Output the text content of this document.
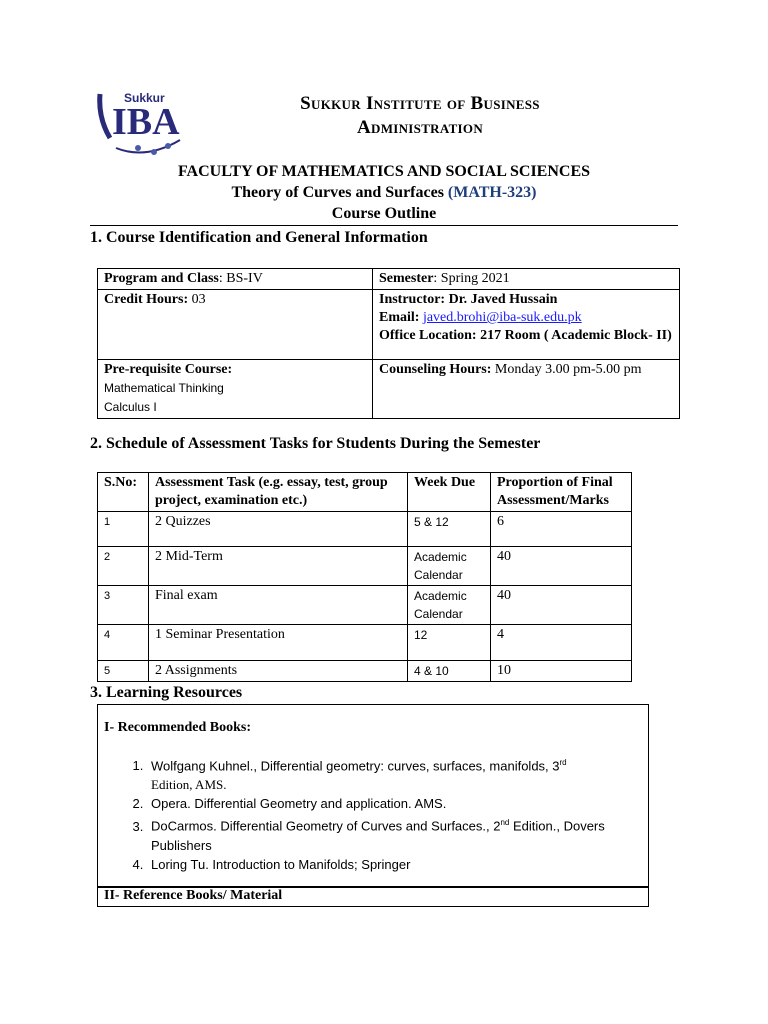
Sukkur
IBA	Sukkur Institute of Business
Administration
FACULTY OF MATHEMATICS AND SOCIAL SCIENCES
Theory of Curves and Surfaces (MATH-323)
Course Outline
1. Course Identification and General Information
Program and Class: BS-IV	Semester: Spring 2021
Credit Hours: 03	Instructor: Dr. Javed Hussain
Email: javed.brohi@iba-suk.edu.pk
Office Location: 217 Room ( Academic Block- II)
Pre-requisite Course:
Mathematical Thinking
Calculus I	Counseling Hours: Monday 3.00 pm-5.00 pm
2. Schedule of Assessment Tasks for Students During the Semester
S.No:	Assessment Task (e.g. essay, test, group project, examination etc.)	Week Due	Proportion of Final Assessment/Marks
1	2 Quizzes	5 & 12	6
2	2 Mid-Term	Academic Calendar	40
3	Final exam	Academic Calendar	40
4	1 Seminar Presentation	12	4
5	2 Assignments	4 & 10	10
3. Learning Resources
I- Recommended Books:
1. Wolfgang Kuhnel., Differential geometry: curves, surfaces, manifolds, 3rd
Edition, AMS.
2. Opera. Differential Geometry and application. AMS.
3. DoCarmos. Differential Geometry of Curves and Surfaces., 2nd Edition., Dovers Publishers
4. Loring Tu. Introduction to Manifolds; Springer
II- Reference Books/ Material
